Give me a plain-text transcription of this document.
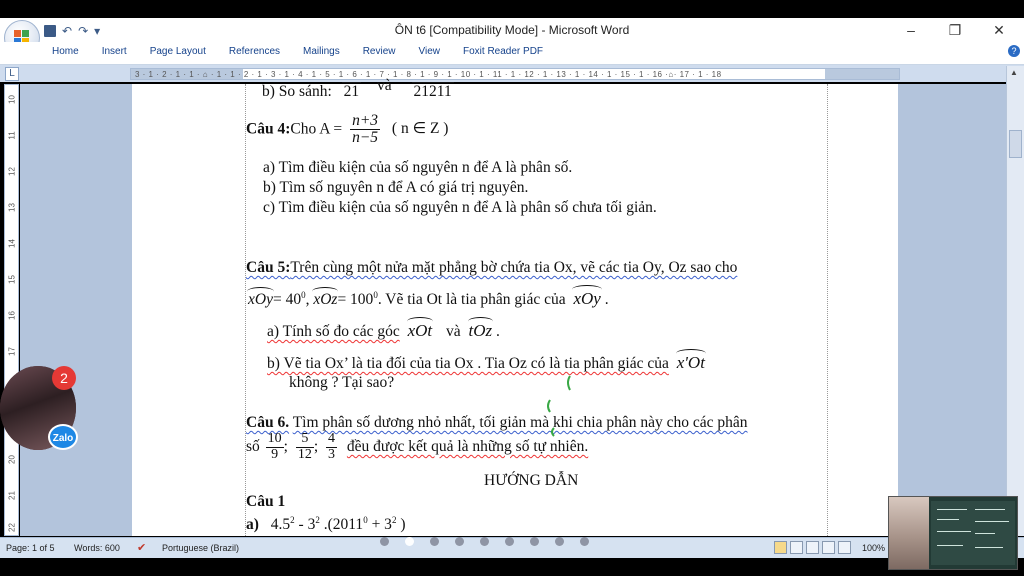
↶ ↷ ▾	ÔN t6 [Compatibility Mode] - Microsoft Word	–	❐	✕
Home	Insert	Page Layout	References	Mailings	Review	View	Foxit Reader PDF	?
L	3 · 1 · 2 · 1 · 1 · ⌂ · 1 · 1 · 2 · 1 · 3 · 1 · 4 · 1 · 5 · 1 · 6 · 1 · 7 · 1 · 8 · 1 · 9 · 1 · 10 · 1 · 11 · 1 · 12 · 1 · 13 · 1 · 14 · 1 · 15 · 1 · 16 ·⌂· 17 · 1 · 18
10
11
12
13
14
15
16
17
20
21
22
b) So sánh: 21 và 21211
Câu 4:Cho $A = \frac{n+3}{n-5}$ ( n ∈ Z )
a) Tìm điều kiện của số nguyên n để A là phân số.
b) Tìm số nguyên n để A có giá trị nguyên.
c) Tìm điều kiện của số nguyên n để A là phân số chưa tối giản.
Câu 5:Trên cùng một nửa mặt phẳng bờ chứa tia Ox, vẽ các tia Oy, Oz sao cho
$xOy= 40^0$, $xOz= 100^0$. Vẽ tia Ot là tia phân giác của xOy .
a) Tính số đo các góc xOt và tOz .
b) Vẽ tia Ox’ là tia đối của tia Ox . Tia Oz có là tia phân giác của x'Ot
không ? Tại sao?
Câu 6. Tìm phân số dương nhỏ nhất, tối giản mà khi chia phân này cho các phân
số $\frac{10}{9}$ ; $\frac{5}{12}$ ; $\frac{4}{3}$ đều được kết quả là những số tự nhiên.
HƯỚNG DẪN
Câu 1
a) $4.5^2 - 3^2$ $.(2011^0 + 3^2$ )
▲
Page: 1 of 5 Words: 600 ✔ Portuguese (Brazil)	100%
2
Zalo
